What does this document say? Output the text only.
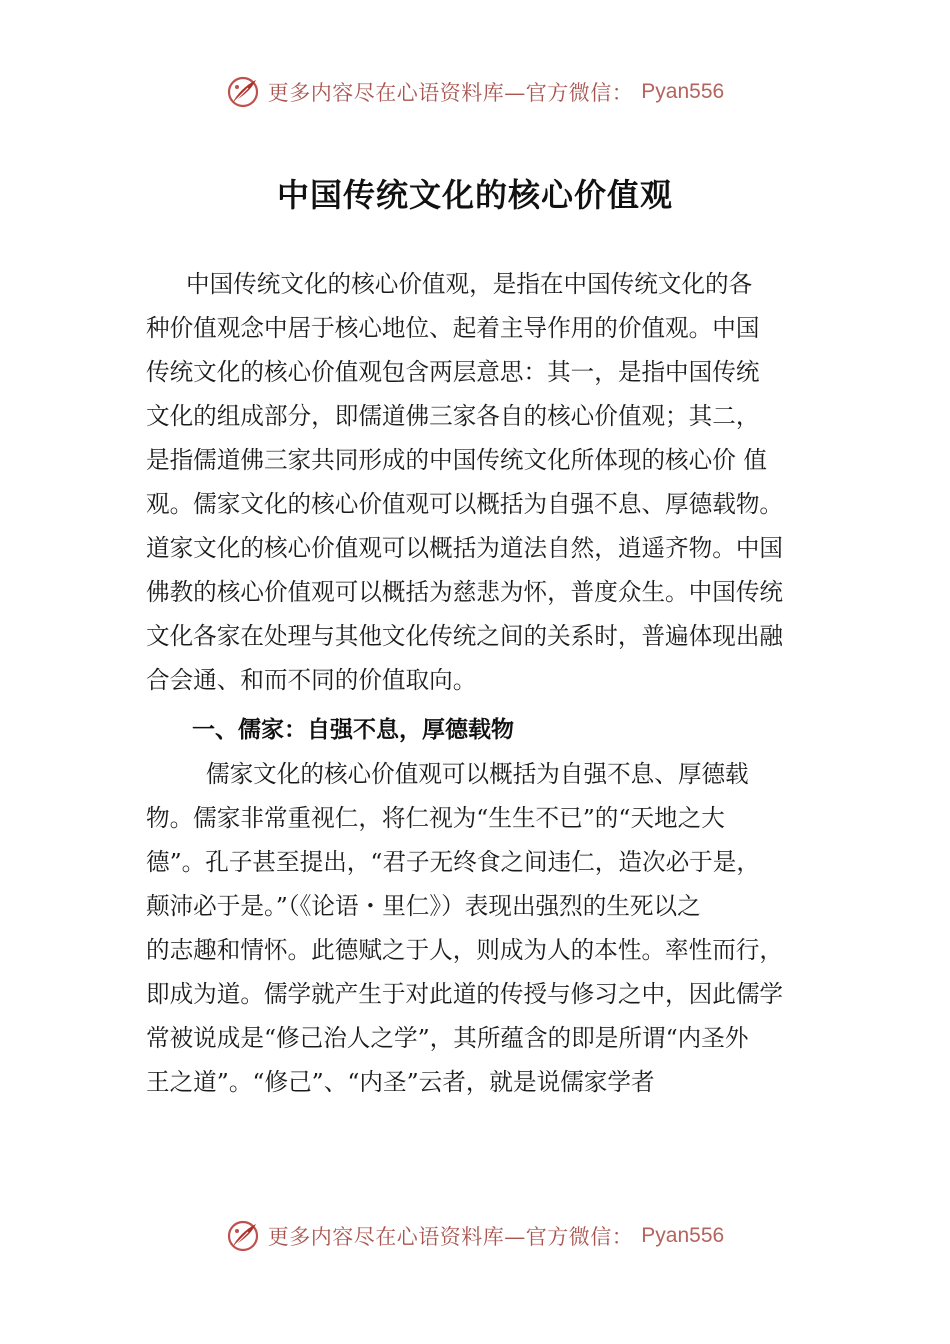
更多内容尽在心语资料库—官方微信： Pyan556
中国传统文化的核心价值观
中国传统文化的核心价值观，是指在中国传统文化的各
种价值观念中居于核心地位、起着主导作用的价值观。中国
传统文化的核心价值观包含两层意思：其一，是指中国传统
文化的组成部分，即儒道佛三家各自的核心价值观；其二，
是指儒道佛三家共同形成的中国传统文化所体现的核心价 值
观。儒家文化的核心价值观可以概括为自强不息、厚德载物。
道家文化的核心价值观可以概括为道法自然，逍遥齐物。中国
佛教的核心价值观可以概括为慈悲为怀，普度众生。中国传统
文化各家在处理与其他文化传统之间的关系时，普遍体现出融
合会通、和而不同的价值取向。
一、儒家：自强不息，厚德载物
儒家文化的核心价值观可以概括为自强不息、厚德载
物。儒家非常重视仁，将仁视为“生生不已”的“天地之大
德”。孔子甚至提出，“君子无终食之间违仁，造次必于是，
颠沛必于是。”（《论语・里仁》）表现出强烈的生死以之
的志趣和情怀。此德赋之于人，则成为人的本性。率性而行，
即成为道。儒学就产生于对此道的传授与修习之中，因此儒学
常被说成是“修己治人之学”，其所蕴含的即是所谓“内圣外
王之道”。“修己”、“内圣”云者，就是说儒家学者
更多内容尽在心语资料库—官方微信： Pyan556
